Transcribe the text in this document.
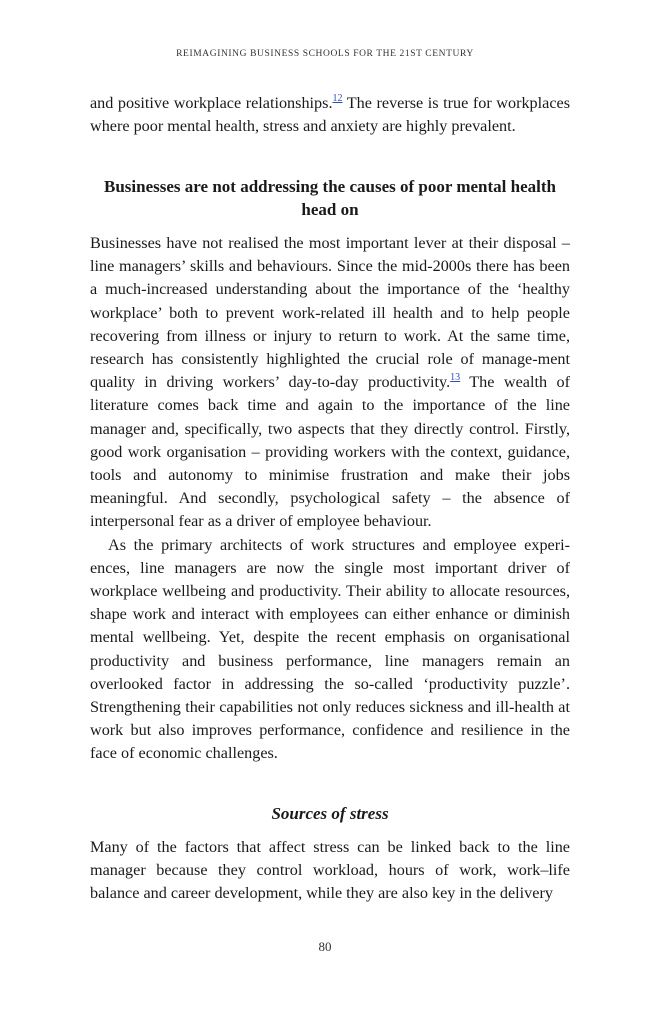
REIMAGINING BUSINESS SCHOOLS FOR THE 21ST CENTURY

and positive workplace relationships.$^{12}$ The reverse is true for workplaces where poor mental health, stress and anxiety are highly prevalent.

Businesses are not addressing the causes of poor mental health head on

Businesses have not realised the most important lever at their disposal – line managers’ skills and behaviours. Since the mid-2000s there has been a much-increased understanding about the importance of the ‘healthy workplace’ both to prevent work-related ill health and to help people recovering from illness or injury to return to work. At the same time, research has consistently highlighted the crucial role of manage-ment quality in driving workers’ day-to-day productivity.$^{13}$ The wealth of literature comes back time and again to the importance of the line manager and, specifically, two aspects that they directly control. Firstly, good work organisation – providing workers with the context, guidance, tools and autonomy to minimise frustration and make their jobs meaningful. And secondly, psychological safety – the absence of interpersonal fear as a driver of employee behaviour.

As the primary architects of work structures and employee experi-ences, line managers are now the single most important driver of workplace wellbeing and productivity. Their ability to allocate resources, shape work and interact with employees can either enhance or diminish mental wellbeing. Yet, despite the recent emphasis on organisational productivity and business performance, line managers remain an overlooked factor in addressing the so-called ‘productivity puzzle’. Strengthening their capabilities not only reduces sickness and ill-health at work but also improves performance, confidence and resilience in the face of economic challenges.

Sources of stress

Many of the factors that affect stress can be linked back to the line manager because they control workload, hours of work, work–life balance and career development, while they are also key in the delivery

80
